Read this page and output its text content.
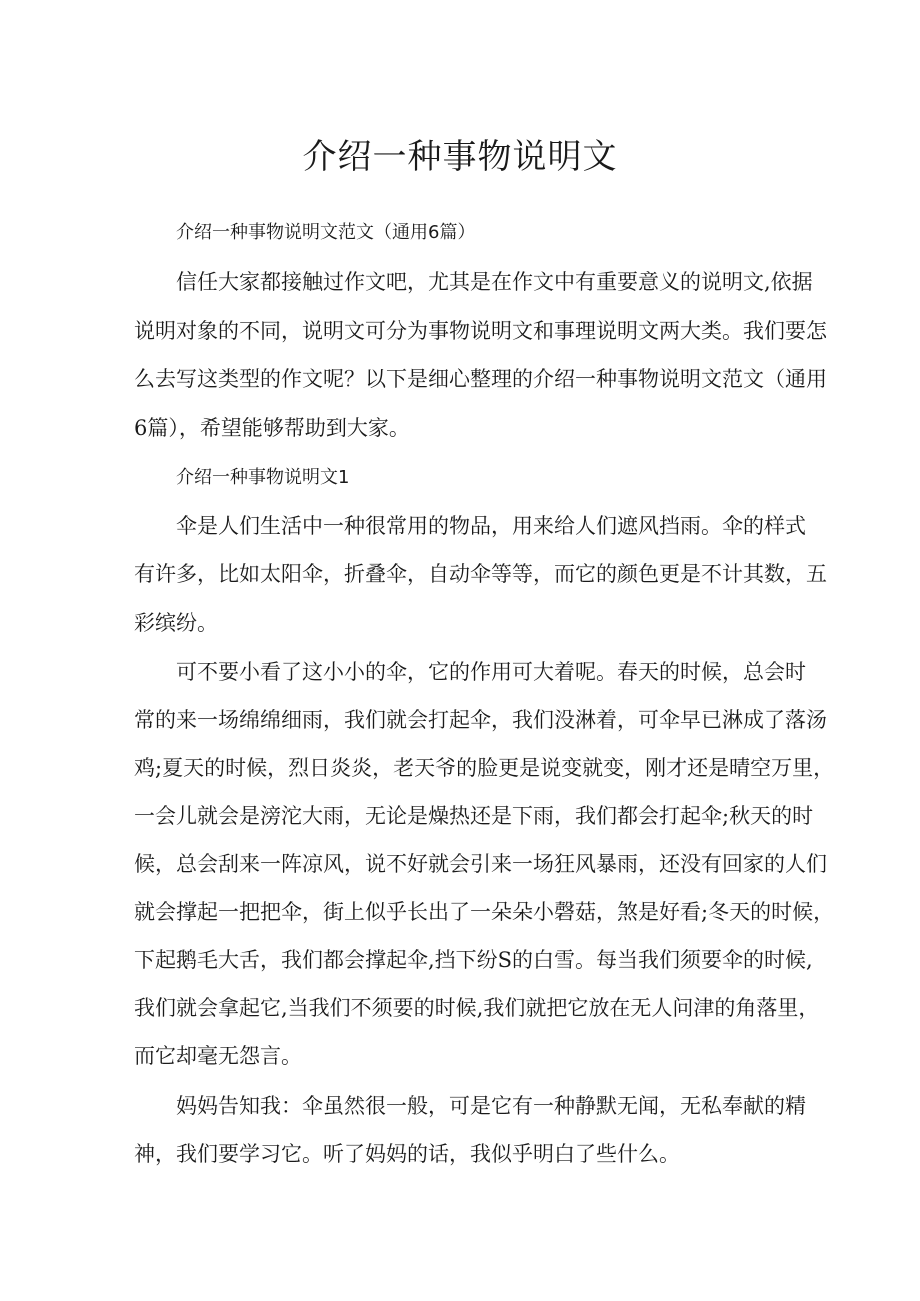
介绍一种事物说明文

介绍一种事物说明文范文（通用6篇）

信任大家都接触过作文吧，尤其是在作文中有重要意义的说明文,依据

说明对象的不同，说明文可分为事物说明文和事理说明文两大类。我们要怎

么去写这类型的作文呢？以下是细心整理的介绍一种事物说明文范文（通用

6篇），希望能够帮助到大家。

介绍一种事物说明文1

伞是人们生活中一种很常用的物品，用来给人们遮风挡雨。伞的样式

有许多，比如太阳伞，折叠伞，自动伞等等，而它的颜色更是不计其数，五

彩缤纷。

可不要小看了这小小的伞，它的作用可大着呢。春天的时候，总会时

常的来一场绵绵细雨，我们就会打起伞，我们没淋着，可伞早已淋成了落汤

鸡;夏天的时候，烈日炎炎，老天爷的脸更是说变就变，刚才还是晴空万里，

一会儿就会是滂沱大雨，无论是燥热还是下雨，我们都会打起伞;秋天的时

候，总会刮来一阵凉风，说不好就会引来一场狂风暴雨，还没有回家的人们

就会撑起一把把伞，街上似乎长出了一朵朵小磬菇，煞是好看;冬天的时候，

下起鹅毛大舌，我们都会撑起伞,挡下纷S的白雪。每当我们须要伞的时候,

我们就会拿起它,当我们不须要的时候,我们就把它放在无人问津的角落里，

而它却毫无怨言。

妈妈告知我：伞虽然很一般，可是它有一种静默无闻，无私奉献的精

神，我们要学习它。听了妈妈的话，我似乎明白了些什么。
